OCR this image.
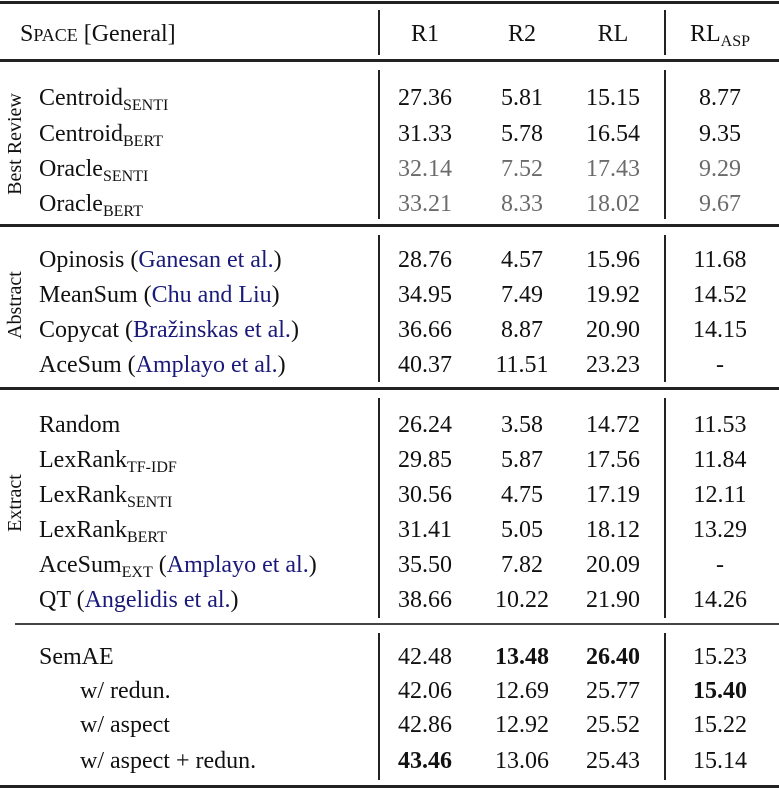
SPACE [General]	R1	R2	RL	$RL_{ASP}$
Best Review Centroid$_{SENTI}$	27.36	5.81	15.15	8.77
Centroid$_{BERT}$	31.33	5.78	16.54	9.35
Oracle$_{SENTI}$	32.14	7.52	17.43	9.29
Oracle$_{BERT}$	33.21	8.33	18.02	9.67
Abstract
Opinosis (Ganesan et al.)	28.76	4.57	15.96	11.68
MeanSum (Chu and Liu)	34.95	7.49	19.92	14.52
Copycat (Bražinskas et al.)	36.66	8.87	20.90	14.15
AceSum (Amplayo et al.)	40.37	11.51	23.23	-
Extract
Random	26.24	3.58	14.72	11.53
LexRank$_{TF-IDF}$	29.85	5.87	17.56	11.84
LexRank$_{SENTI}$	30.56	4.75	17.19	12.11
LexRank$_{BERT}$	31.41	5.05	18.12	13.29
AceSum$_{EXT}$ (Amplayo et al.)	35.50	7.82	20.09	-
QT (Angelidis et al.)	38.66	10.22	21.90	14.26
SemAE	42.48	13.48	26.40	15.23
w/ redun.	42.06	12.69	25.77	15.40
w/ aspect	42.86	12.92	25.52	15.22
w/ aspect + redun.	43.46	13.06	25.43	15.14
